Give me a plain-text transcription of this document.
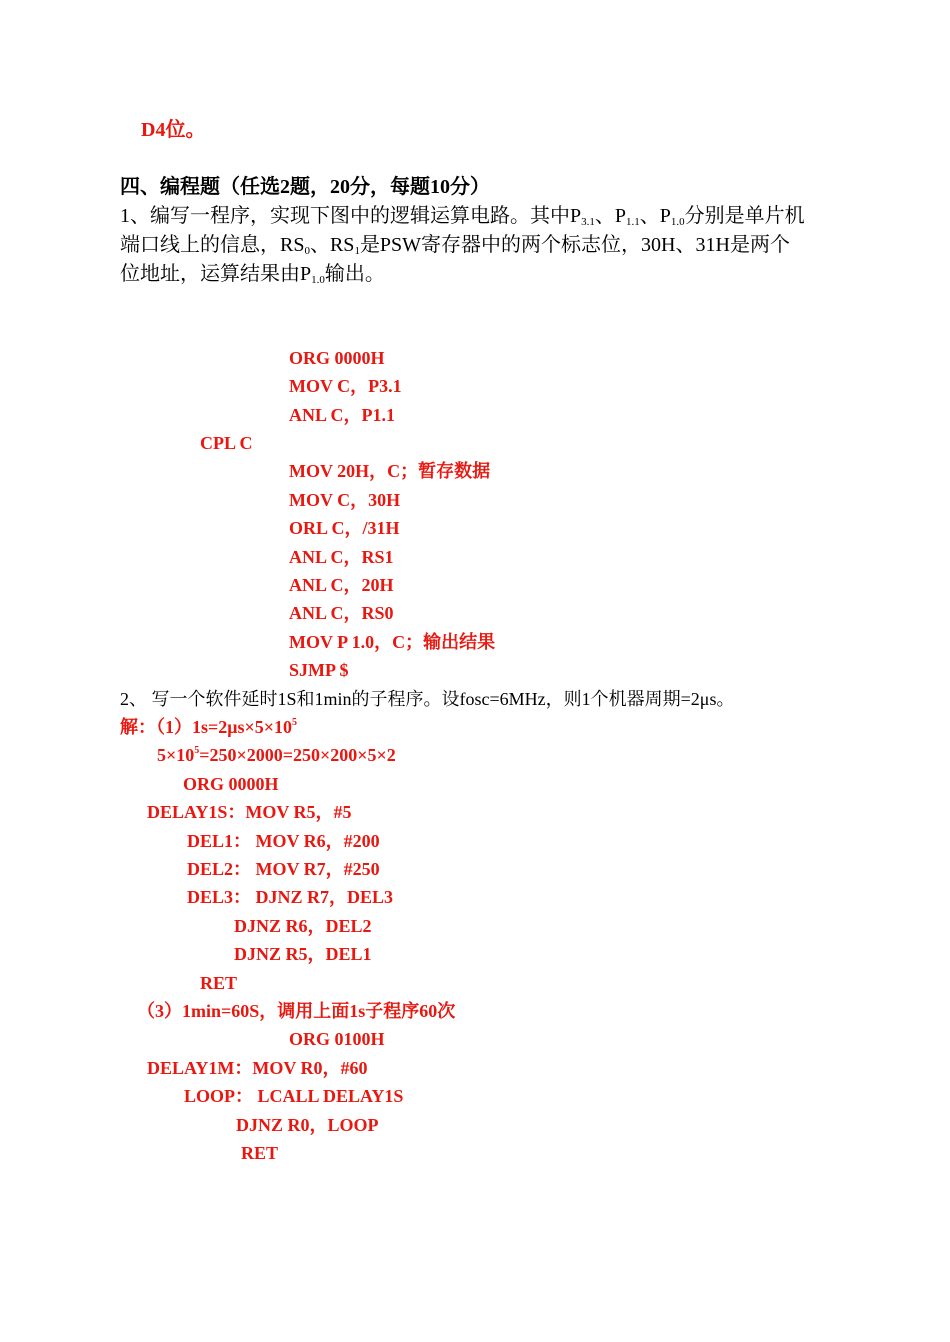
D4位。
四、编程题（任选2题，20分，每题10分）
1、编写一程序，实现下图中的逻辑运算电路。其中$P_{3.1}$、$P_{1.1}$、$P_{1.0}$分别是单片机
端口线上的信息，$RS_0$、$RS_1$是PSW寄存器中的两个标志位，30H、31H是两个
位地址，运算结果由$P_{1.0}$输出。
ORG 0000H
MOV C，P3.1
ANL C，P1.1
CPL C
MOV 20H，C；暂存数据
MOV C，30H
ORL C，/31H
ANL C，RS1
ANL C，20H
ANL C，RS0
MOV P 1.0，C；输出结果
SJMP $
2、 写一个软件延时1S和1min的子程序。设fosc=6MHz，则1个机器周期=2μs。
解：$(1)1s=2\mu s\times 5\times 10^5$
$5\times 10^5=250\times 2000=250\times 200\times 5\times 2$
ORG 0000H
DELAY1S：MOV R5，#5
DEL1： MOV R6，#200
DEL2： MOV R7，#250
DEL3： DJNZ R7，DEL3
DJNZ R6，DEL2
DJNZ R5，DEL1
RET
（3）1min=60S，调用上面1s子程序60次
ORG 0100H
DELAY1M：MOV R0，#60
LOOP： LCALL DELAY1S
DJNZ R0，LOOP
RET
